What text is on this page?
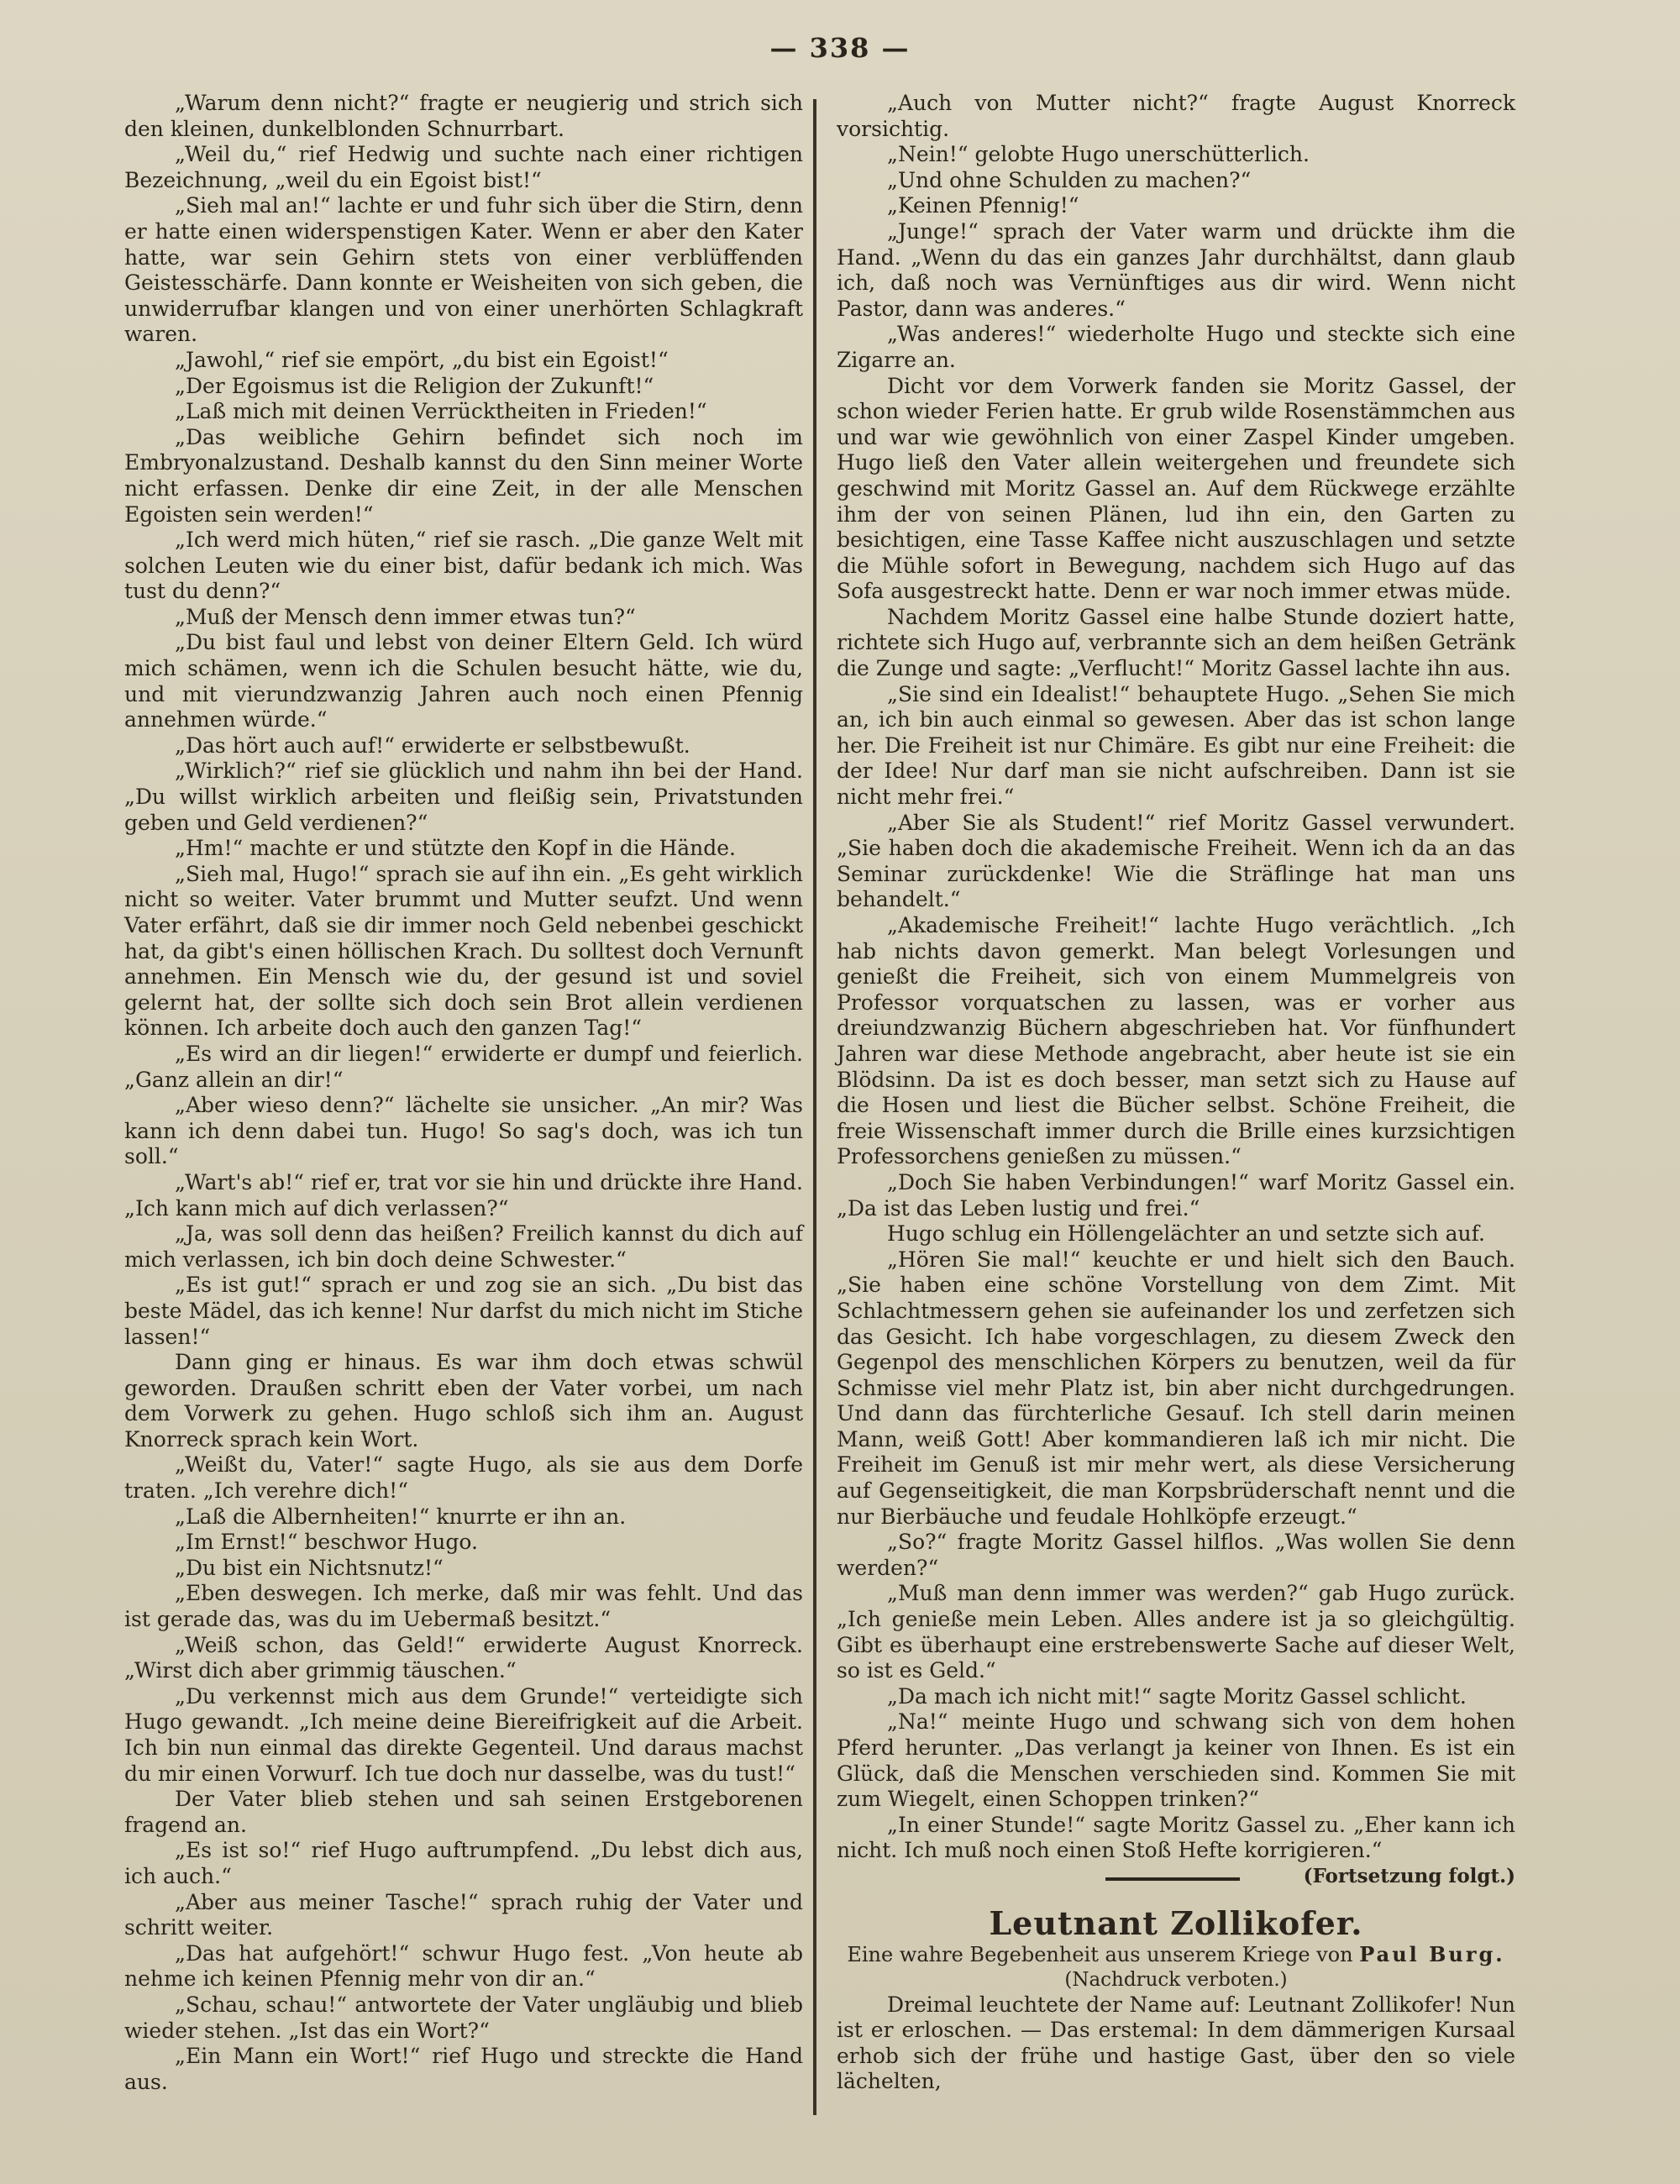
— 338 —

„Warum denn nicht?“ fragte er neugierig und strich sich den kleinen, dunkelblonden Schnurrbart.

„Weil du,“ rief Hedwig und suchte nach einer richtigen Bezeichnung, „weil du ein Egoist bist!“

„Sieh mal an!“ lachte er und fuhr sich über die Stirn, denn er hatte einen widerspenstigen Kater. Wenn er aber den Kater hatte, war sein Gehirn stets von einer verblüffenden Geistesschärfe. Dann konnte er Weisheiten von sich geben, die unwiderrufbar klangen und von einer unerhörten Schlagkraft waren.

„Jawohl,“ rief sie empört, „du bist ein Egoist!“

„Der Egoismus ist die Religion der Zukunft!“

„Laß mich mit deinen Verrücktheiten in Frieden!“

„Das weibliche Gehirn befindet sich noch im Embryonalzustand. Deshalb kannst du den Sinn meiner Worte nicht erfassen. Denke dir eine Zeit, in der alle Menschen Egoisten sein werden!“

„Ich werd mich hüten,“ rief sie rasch. „Die ganze Welt mit solchen Leuten wie du einer bist, dafür bedank ich mich. Was tust du denn?“

„Muß der Mensch denn immer etwas tun?“

„Du bist faul und lebst von deiner Eltern Geld. Ich würd mich schämen, wenn ich die Schulen besucht hätte, wie du, und mit vierundzwanzig Jahren auch noch einen Pfennig annehmen würde.“

„Das hört auch auf!“ erwiderte er selbstbewußt.

„Wirklich?“ rief sie glücklich und nahm ihn bei der Hand. „Du willst wirklich arbeiten und fleißig sein, Privatstunden geben und Geld verdienen?“

„Hm!“ machte er und stützte den Kopf in die Hände.

„Sieh mal, Hugo!“ sprach sie auf ihn ein. „Es geht wirklich nicht so weiter. Vater brummt und Mutter seufzt. Und wenn Vater erfährt, daß sie dir immer noch Geld nebenbei geschickt hat, da gibt's einen höllischen Krach. Du solltest doch Vernunft annehmen. Ein Mensch wie du, der gesund ist und soviel gelernt hat, der sollte sich doch sein Brot allein verdienen können. Ich arbeite doch auch den ganzen Tag!“

„Es wird an dir liegen!“ erwiderte er dumpf und feierlich. „Ganz allein an dir!“

„Aber wieso denn?“ lächelte sie unsicher. „An mir? Was kann ich denn dabei tun. Hugo! So sag's doch, was ich tun soll.“

„Wart's ab!“ rief er, trat vor sie hin und drückte ihre Hand. „Ich kann mich auf dich verlassen?“

„Ja, was soll denn das heißen? Freilich kannst du dich auf mich verlassen, ich bin doch deine Schwester.“

„Es ist gut!“ sprach er und zog sie an sich. „Du bist das beste Mädel, das ich kenne! Nur darfst du mich nicht im Stiche lassen!“

Dann ging er hinaus. Es war ihm doch etwas schwül geworden. Draußen schritt eben der Vater vorbei, um nach dem Vorwerk zu gehen. Hugo schloß sich ihm an. August Knorreck sprach kein Wort.

„Weißt du, Vater!“ sagte Hugo, als sie aus dem Dorfe traten. „Ich verehre dich!“

„Laß die Albernheiten!“ knurrte er ihn an.

„Im Ernst!“ beschwor Hugo.

„Du bist ein Nichtsnutz!“

„Eben deswegen. Ich merke, daß mir was fehlt. Und das ist gerade das, was du im Uebermaß besitzt.“

„Weiß schon, das Geld!“ erwiderte August Knorreck. „Wirst dich aber grimmig täuschen.“

„Du verkennst mich aus dem Grunde!“ verteidigte sich Hugo gewandt. „Ich meine deine Biereifrigkeit auf die Arbeit. Ich bin nun einmal das direkte Gegenteil. Und daraus machst du mir einen Vorwurf. Ich tue doch nur dasselbe, was du tust!“

Der Vater blieb stehen und sah seinen Erstgeborenen fragend an.

„Es ist so!“ rief Hugo auftrumpfend. „Du lebst dich aus, ich auch.“

„Aber aus meiner Tasche!“ sprach ruhig der Vater und schritt weiter.

„Das hat aufgehört!“ schwur Hugo fest. „Von heute ab nehme ich keinen Pfennig mehr von dir an.“

„Schau, schau!“ antwortete der Vater ungläubig und blieb wieder stehen. „Ist das ein Wort?“

„Ein Mann ein Wort!“ rief Hugo und streckte die Hand aus.

„Auch von Mutter nicht?“ fragte August Knorreck vorsichtig.

„Nein!“ gelobte Hugo unerschütterlich.

„Und ohne Schulden zu machen?“

„Keinen Pfennig!“

„Junge!“ sprach der Vater warm und drückte ihm die Hand. „Wenn du das ein ganzes Jahr durchhältst, dann glaub ich, daß noch was Vernünftiges aus dir wird. Wenn nicht Pastor, dann was anderes.“

„Was anderes!“ wiederholte Hugo und steckte sich eine Zigarre an.

Dicht vor dem Vorwerk fanden sie Moritz Gassel, der schon wieder Ferien hatte. Er grub wilde Rosenstämmchen aus und war wie gewöhnlich von einer Zaspel Kinder umgeben. Hugo ließ den Vater allein weitergehen und freundete sich geschwind mit Moritz Gassel an. Auf dem Rückwege erzählte ihm der von seinen Plänen, lud ihn ein, den Garten zu besichtigen, eine Tasse Kaffee nicht auszuschlagen und setzte die Mühle sofort in Bewegung, nachdem sich Hugo auf das Sofa ausgestreckt hatte. Denn er war noch immer etwas müde.

Nachdem Moritz Gassel eine halbe Stunde doziert hatte, richtete sich Hugo auf, verbrannte sich an dem heißen Getränk die Zunge und sagte: „Verflucht!“ Moritz Gassel lachte ihn aus.

„Sie sind ein Idealist!“ behauptete Hugo. „Sehen Sie mich an, ich bin auch einmal so gewesen. Aber das ist schon lange her. Die Freiheit ist nur Chimäre. Es gibt nur eine Freiheit: die der Idee! Nur darf man sie nicht aufschreiben. Dann ist sie nicht mehr frei.“

„Aber Sie als Student!“ rief Moritz Gassel verwundert. „Sie haben doch die akademische Freiheit. Wenn ich da an das Seminar zurückdenke! Wie die Sträflinge hat man uns behandelt.“

„Akademische Freiheit!“ lachte Hugo verächtlich. „Ich hab nichts davon gemerkt. Man belegt Vorlesungen und genießt die Freiheit, sich von einem Mummelgreis von Professor vorquatschen zu lassen, was er vorher aus dreiundzwanzig Büchern abgeschrieben hat. Vor fünfhundert Jahren war diese Methode angebracht, aber heute ist sie ein Blödsinn. Da ist es doch besser, man setzt sich zu Hause auf die Hosen und liest die Bücher selbst. Schöne Freiheit, die freie Wissenschaft immer durch die Brille eines kurzsichtigen Professorchens genießen zu müssen.“

„Doch Sie haben Verbindungen!“ warf Moritz Gassel ein. „Da ist das Leben lustig und frei.“

Hugo schlug ein Höllengelächter an und setzte sich auf.

„Hören Sie mal!“ keuchte er und hielt sich den Bauch. „Sie haben eine schöne Vorstellung von dem Zimt. Mit Schlachtmessern gehen sie aufeinander los und zerfetzen sich das Gesicht. Ich habe vorgeschlagen, zu diesem Zweck den Gegenpol des menschlichen Körpers zu benutzen, weil da für Schmisse viel mehr Platz ist, bin aber nicht durchgedrungen. Und dann das fürchterliche Gesauf. Ich stell darin meinen Mann, weiß Gott! Aber kommandieren laß ich mir nicht. Die Freiheit im Genuß ist mir mehr wert, als diese Versicherung auf Gegenseitigkeit, die man Korpsbrüderschaft nennt und die nur Bierbäuche und feudale Hohlköpfe erzeugt.“

„So?“ fragte Moritz Gassel hilflos. „Was wollen Sie denn werden?“

„Muß man denn immer was werden?“ gab Hugo zurück. „Ich genieße mein Leben. Alles andere ist ja so gleichgültig. Gibt es überhaupt eine erstrebenswerte Sache auf dieser Welt, so ist es Geld.“

„Da mach ich nicht mit!“ sagte Moritz Gassel schlicht.

„Na!“ meinte Hugo und schwang sich von dem hohen Pferd herunter. „Das verlangt ja keiner von Ihnen. Es ist ein Glück, daß die Menschen verschieden sind. Kommen Sie mit zum Wiegelt, einen Schoppen trinken?“

„In einer Stunde!“ sagte Moritz Gassel zu. „Eher kann ich nicht. Ich muß noch einen Stoß Hefte korrigieren.“

(Fortsetzung folgt.)
Leutnant Zollikofer.
Eine wahre Begebenheit aus unserem Kriege von Paul Burg.
(Nachdruck verboten.)

Dreimal leuchtete der Name auf: Leutnant Zollikofer! Nun ist er erloschen. — Das erstemal: In dem dämmerigen Kursaal erhob sich der frühe und hastige Gast, über den so viele lächelten,
